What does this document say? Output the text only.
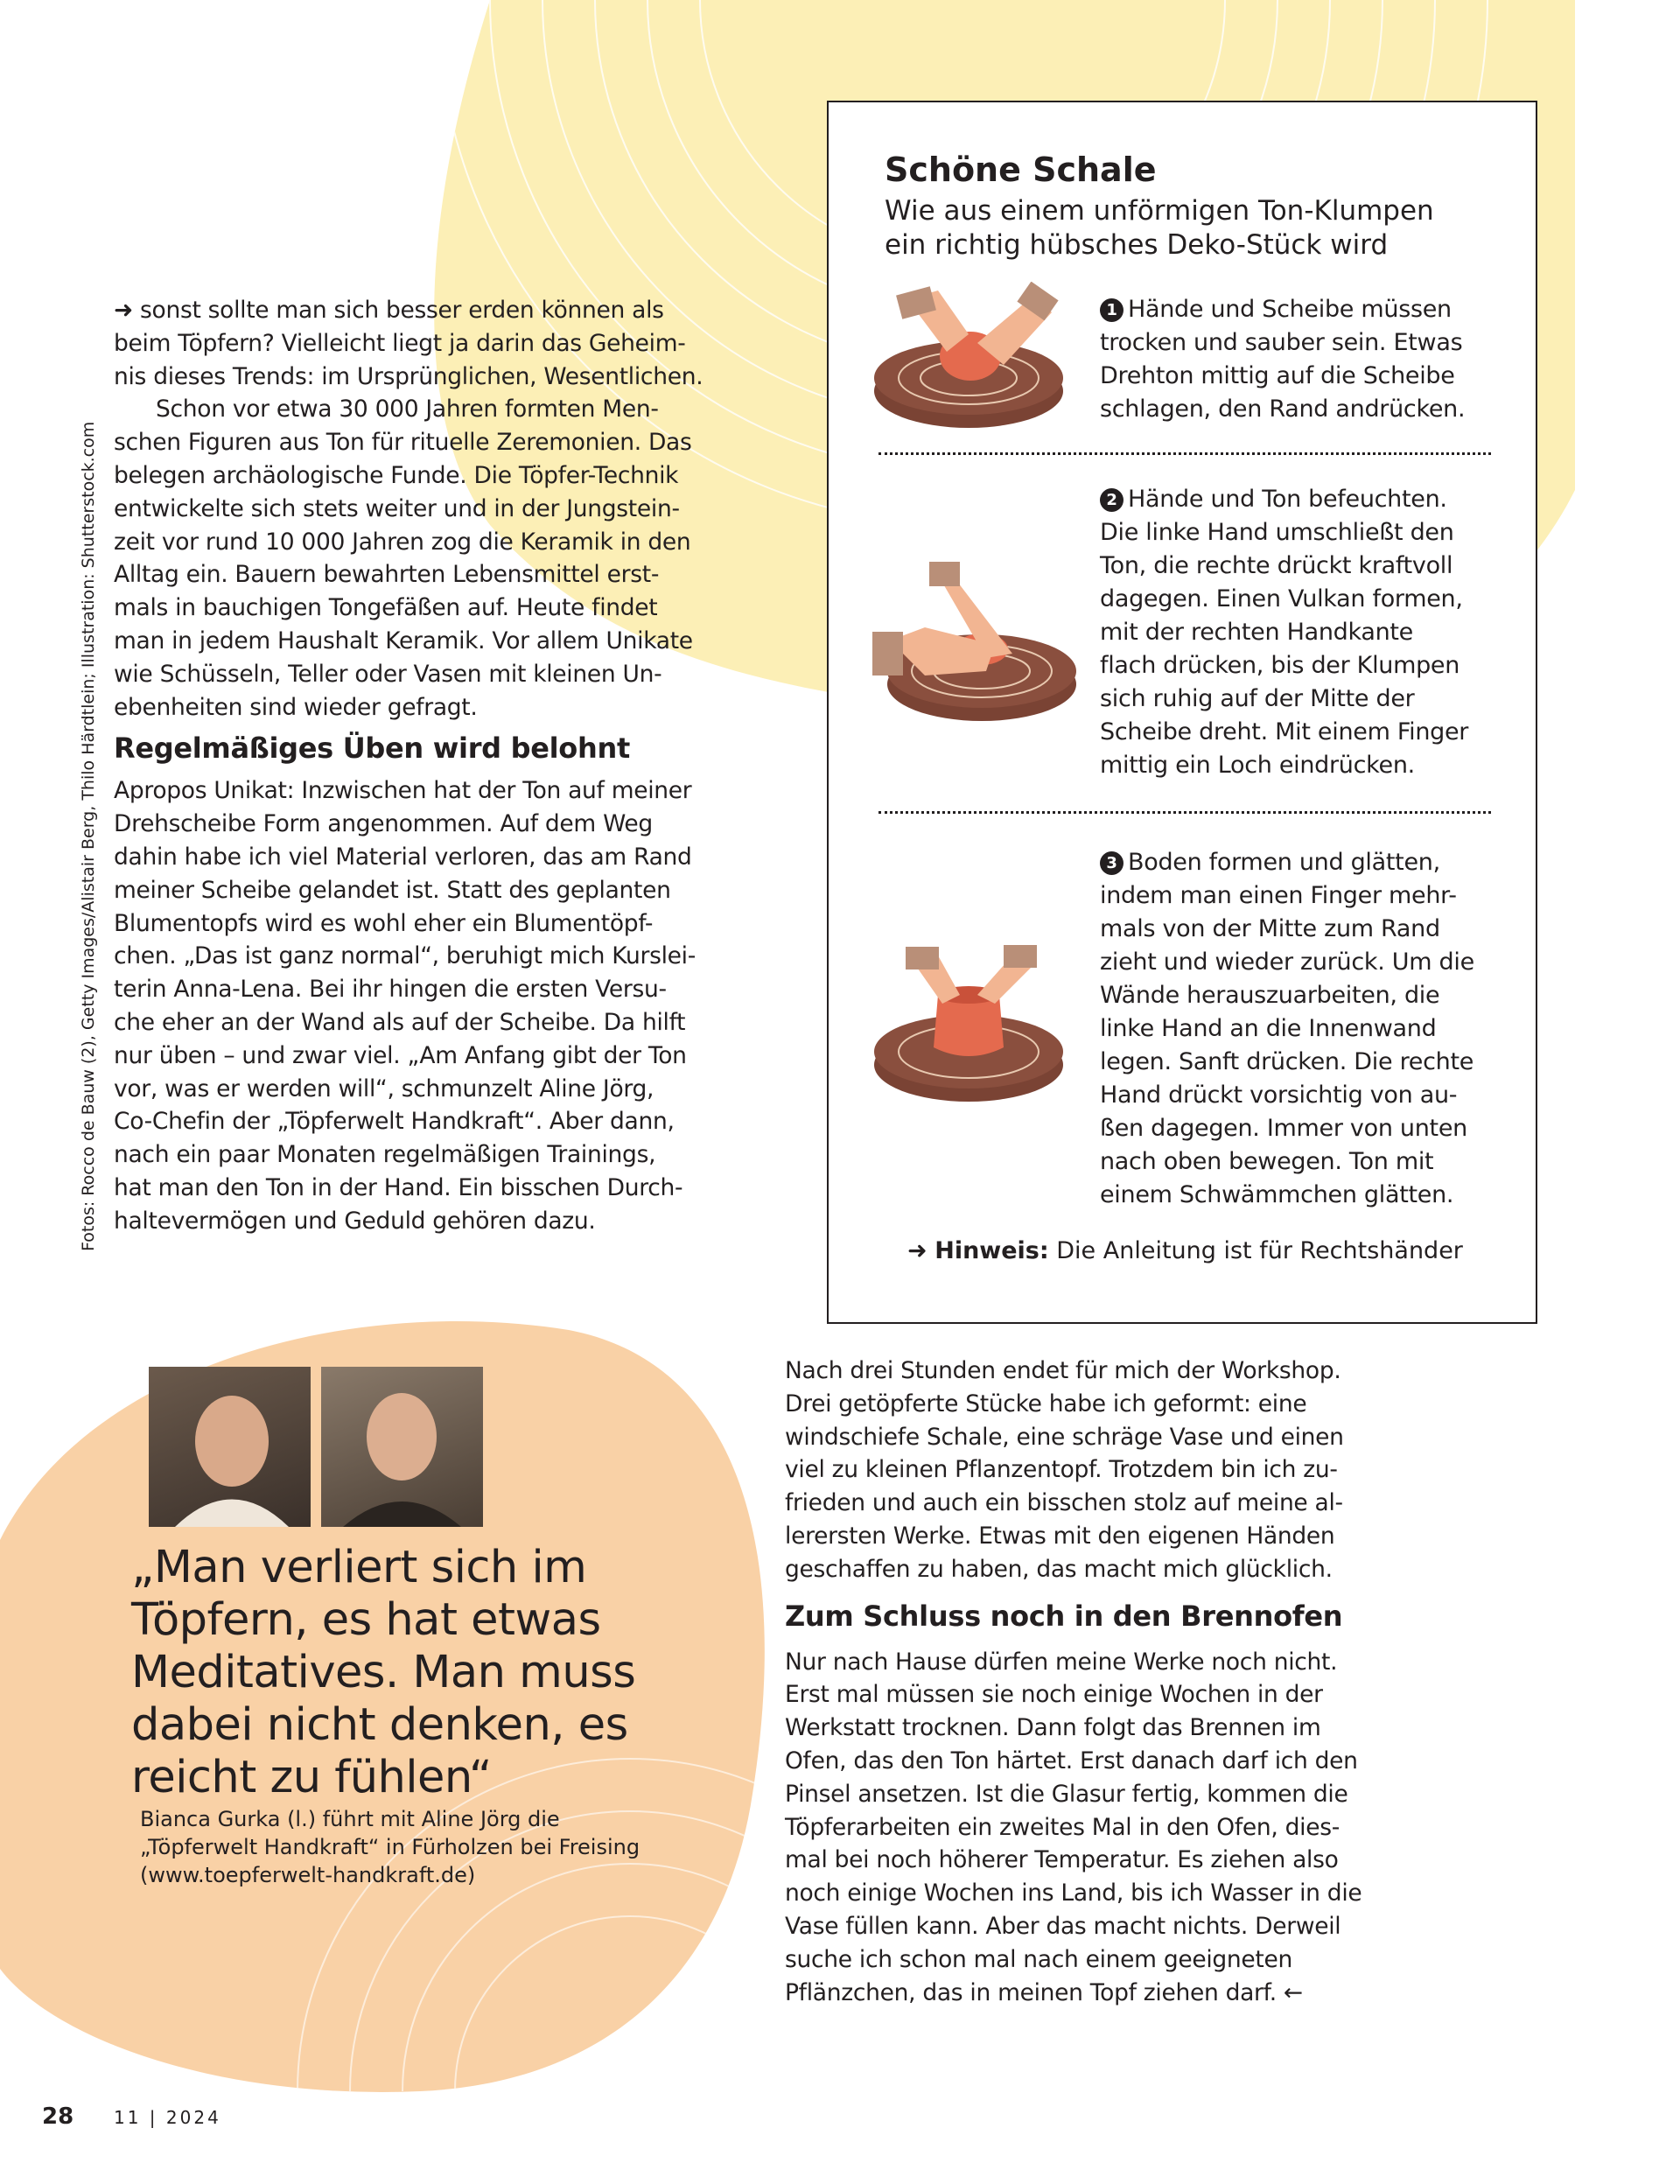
Fotos: Rocco de Bauw (2), Getty Images/Alistair Berg, Thilo Härdtlein; Illustration: Shutterstock.com
➜ sonst sollte man sich besser erden können als
beim Töpfern? Vielleicht liegt ja darin das Geheim-
nis dieses Trends: im Ursprünglichen, Wesentlichen.
Schon vor etwa 30 000 Jahren formten Men-
schen Figuren aus Ton für rituelle Zeremonien. Das
belegen archäologische Funde. Die Töpfer-Technik
entwickelte sich stets weiter und in der Jungstein-
zeit vor rund 10 000 Jahren zog die Keramik in den
Alltag ein. Bauern bewahrten Lebensmittel erst-
mals in bauchigen Tongefäßen auf. Heute findet
man in jedem Haushalt Keramik. Vor allem Unikate
wie Schüsseln, Teller oder Vasen mit kleinen Un-
ebenheiten sind wieder gefragt.
Regelmäßiges Üben wird belohnt
Apropos Unikat: Inzwischen hat der Ton auf meiner
Drehscheibe Form angenommen. Auf dem Weg
dahin habe ich viel Material verloren, das am Rand
meiner Scheibe gelandet ist. Statt des geplanten
Blumentopfs wird es wohl eher ein Blumentöpf-
chen. „Das ist ganz normal“, beruhigt mich Kurslei-
terin Anna-Lena. Bei ihr hingen die ersten Versu-
che eher an der Wand als auf der Scheibe. Da hilft
nur üben – und zwar viel. „Am Anfang gibt der Ton
vor, was er werden will“, schmunzelt Aline Jörg,
Co-Chefin der „Töpferwelt Handkraft“. Aber dann,
nach ein paar Monaten regelmäßigen Trainings,
hat man den Ton in der Hand. Ein bisschen Durch-
haltevermögen und Geduld gehören dazu.
Schöne Schale
Wie aus einem unförmigen Ton-Klumpen
ein richtig hübsches Deko-Stück wird
1 Hände und Scheibe müssen
trocken und sauber sein. Etwas
Drehton mittig auf die Scheibe
schlagen, den Rand andrücken.
2 Hände und Ton befeuchten.
Die linke Hand umschließt den
Ton, die rechte drückt kraftvoll
dagegen. Einen Vulkan formen,
mit der rechten Handkante
flach drücken, bis der Klumpen
sich ruhig auf der Mitte der
Scheibe dreht. Mit einem Finger
mittig ein Loch eindrücken.
3 Boden formen und glätten,
indem man einen Finger mehr-
mals von der Mitte zum Rand
zieht und wieder zurück. Um die
Wände herauszuarbeiten, die
linke Hand an die Innenwand
legen. Sanft drücken. Die rechte
Hand drückt vorsichtig von au-
ßen dagegen. Immer von unten
nach oben bewegen. Ton mit
einem Schwämmchen glätten.
➜ Hinweis: Die Anleitung ist für Rechtshänder
„Man verliert sich im
Töpfern, es hat etwas
Meditatives. Man muss
dabei nicht denken, es
reicht zu fühlen“
Bianca Gurka (l.) führt mit Aline Jörg die
„Töpferwelt Handkraft“ in Fürholzen bei Freising
(www.toepferwelt-handkraft.de)
Nach drei Stunden endet für mich der Workshop.
Drei getöpferte Stücke habe ich geformt: eine
windschiefe Schale, eine schräge Vase und einen
viel zu kleinen Pflanzentopf. Trotzdem bin ich zu-
frieden und auch ein bisschen stolz auf meine al-
lerersten Werke. Etwas mit den eigenen Händen
geschaffen zu haben, das macht mich glücklich.
Zum Schluss noch in den Brennofen
Nur nach Hause dürfen meine Werke noch nicht.
Erst mal müssen sie noch einige Wochen in der
Werkstatt trocknen. Dann folgt das Brennen im
Ofen, das den Ton härtet. Erst danach darf ich den
Pinsel ansetzen. Ist die Glasur fertig, kommen die
Töpferarbeiten ein zweites Mal in den Ofen, dies-
mal bei noch höherer Temperatur. Es ziehen also
noch einige Wochen ins Land, bis ich Wasser in die
Vase füllen kann. Aber das macht nichts. Derweil
suche ich schon mal nach einem geeigneten
Pflänzchen, das in meinen Topf ziehen darf. ←
28 11 | 2024
